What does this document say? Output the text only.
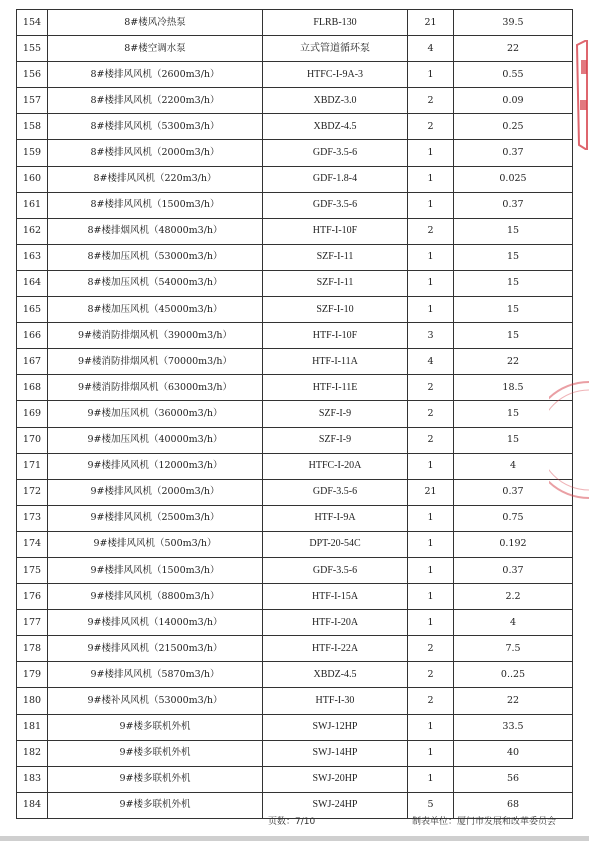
154	8#楼风冷热泵	FLRB-130	21	39.5
155	8#楼空调水泵	立式管道循环泵	4	22
156	8#楼排风风机（2600m3/h）	HTFC-I-9A-3	1	0.55
157	8#楼排风风机（2200m3/h）	XBDZ-3.0	2	0.09
158	8#楼排风风机（5300m3/h）	XBDZ-4.5	2	0.25
159	8#楼排风风机（2000m3/h）	GDF-3.5-6	1	0.37
160	8#楼排风风机（220m3/h）	GDF-1.8-4	1	0.025
161	8#楼排风风机（1500m3/h）	GDF-3.5-6	1	0.37
162	8#楼排烟风机（48000m3/h）	HTF-I-10F	2	15
163	8#楼加压风机（53000m3/h）	SZF-I-11	1	15
164	8#楼加压风机（54000m3/h）	SZF-I-11	1	15
165	8#楼加压风机（45000m3/h）	SZF-I-10	1	15
166	9#楼消防排烟风机（39000m3/h）	HTF-I-10F	3	15
167	9#楼消防排烟风机（70000m3/h）	HTF-I-11A	4	22
168	9#楼消防排烟风机（63000m3/h）	HTF-I-11E	2	18.5
169	9#楼加压风机（36000m3/h）	SZF-I-9	2	15
170	9#楼加压风机（40000m3/h）	SZF-I-9	2	15
171	9#楼排风风机（12000m3/h）	HTFC-I-20A	1	4
172	9#楼排风风机（2000m3/h）	GDF-3.5-6	21	0.37
173	9#楼排风风机（2500m3/h）	HTF-I-9A	1	0.75
174	9#楼排风风机（500m3/h）	DPT-20-54C	1	0.192
175	9#楼排风风机（1500m3/h）	GDF-3.5-6	1	0.37
176	9#楼排风风机（8800m3/h）	HTF-I-15A	1	2.2
177	9#楼排风风机（14000m3/h）	HTF-I-20A	1	4
178	9#楼排风风机（21500m3/h）	HTF-I-22A	2	7.5
179	9#楼排风风机（5870m3/h）	XBDZ-4.5	2	0..25
180	9#楼补风风机（53000m3/h）	HTF-I-30	2	22
181	9#楼多联机外机	SWJ-12HP	1	33.5
182	9#楼多联机外机	SWJ-14HP	1	40
183	9#楼多联机外机	SWJ-20HP	1	56
184	9#楼多联机外机	SWJ-24HP	5	68
页数：7/10	制表单位：厦门市发展和改革委员会
